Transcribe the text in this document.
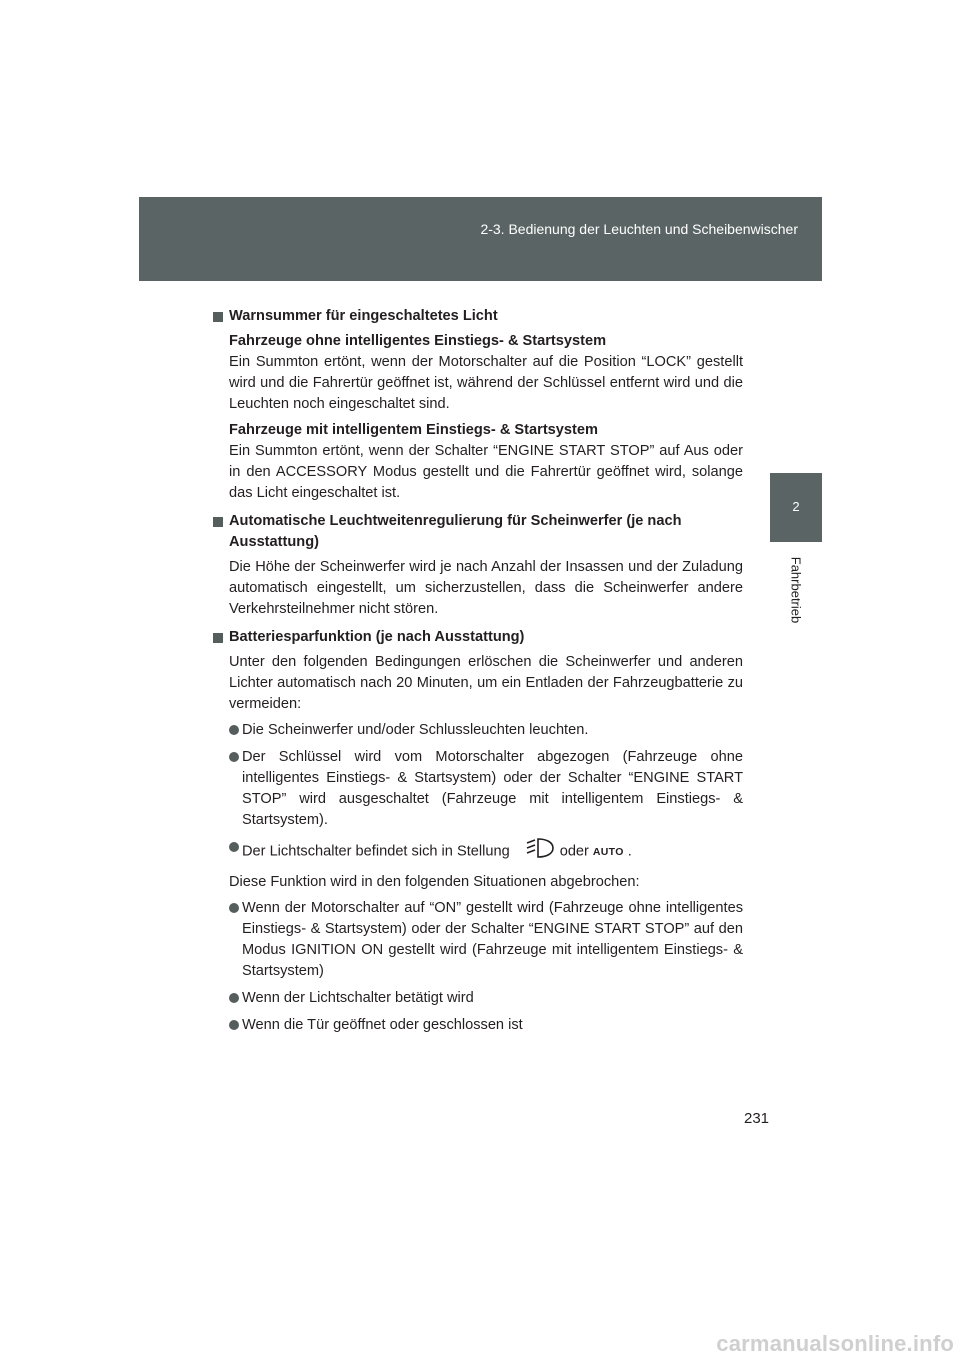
2-3. Bedienung der Leuchten und Scheibenwischer
2
Fahrbetrieb
Warnsummer für eingeschaltetes Licht
Fahrzeuge ohne intelligentes Einstiegs- & Startsystem
Ein Summton ertönt, wenn der Motorschalter auf die Position “LOCK” gestellt wird und die Fahrertür geöffnet ist, während der Schlüssel entfernt wird und die Leuchten noch eingeschaltet sind.
Fahrzeuge mit intelligentem Einstiegs- & Startsystem
Ein Summton ertönt, wenn der Schalter “ENGINE START STOP” auf Aus oder in den ACCESSORY Modus gestellt und die Fahrertür geöffnet wird, solange das Licht eingeschaltet ist.
Automatische Leuchtweitenregulierung für Scheinwerfer (je nach Ausstattung)
Die Höhe der Scheinwerfer wird je nach Anzahl der Insassen und der Zuladung automatisch eingestellt, um sicherzustellen, dass die Scheinwerfer andere Verkehrsteilnehmer nicht stören.
Batteriesparfunktion (je nach Ausstattung)
Unter den folgenden Bedingungen erlöschen die Scheinwerfer und anderen Lichter automatisch nach 20 Minuten, um ein Entladen der Fahrzeugbatterie zu vermeiden:
Die Scheinwerfer und/oder Schlussleuchten leuchten.
Der Schlüssel wird vom Motorschalter abgezogen (Fahrzeuge ohne intelligentes Einstiegs- & Startsystem) oder der Schalter “ENGINE START STOP” wird ausgeschaltet (Fahrzeuge mit intelligentem Einstiegs- & Startsystem).
Der Lichtschalter befindet sich in Stellung	oder AUTO .
Diese Funktion wird in den folgenden Situationen abgebrochen:
Wenn der Motorschalter auf “ON” gestellt wird (Fahrzeuge ohne intelligentes Einstiegs- & Startsystem) oder der Schalter “ENGINE START STOP” auf den Modus IGNITION ON gestellt wird (Fahrzeuge mit intelligentem Einstiegs- & Startsystem)
Wenn der Lichtschalter betätigt wird
Wenn die Tür geöffnet oder geschlossen ist
231
carmanualsonline.info
